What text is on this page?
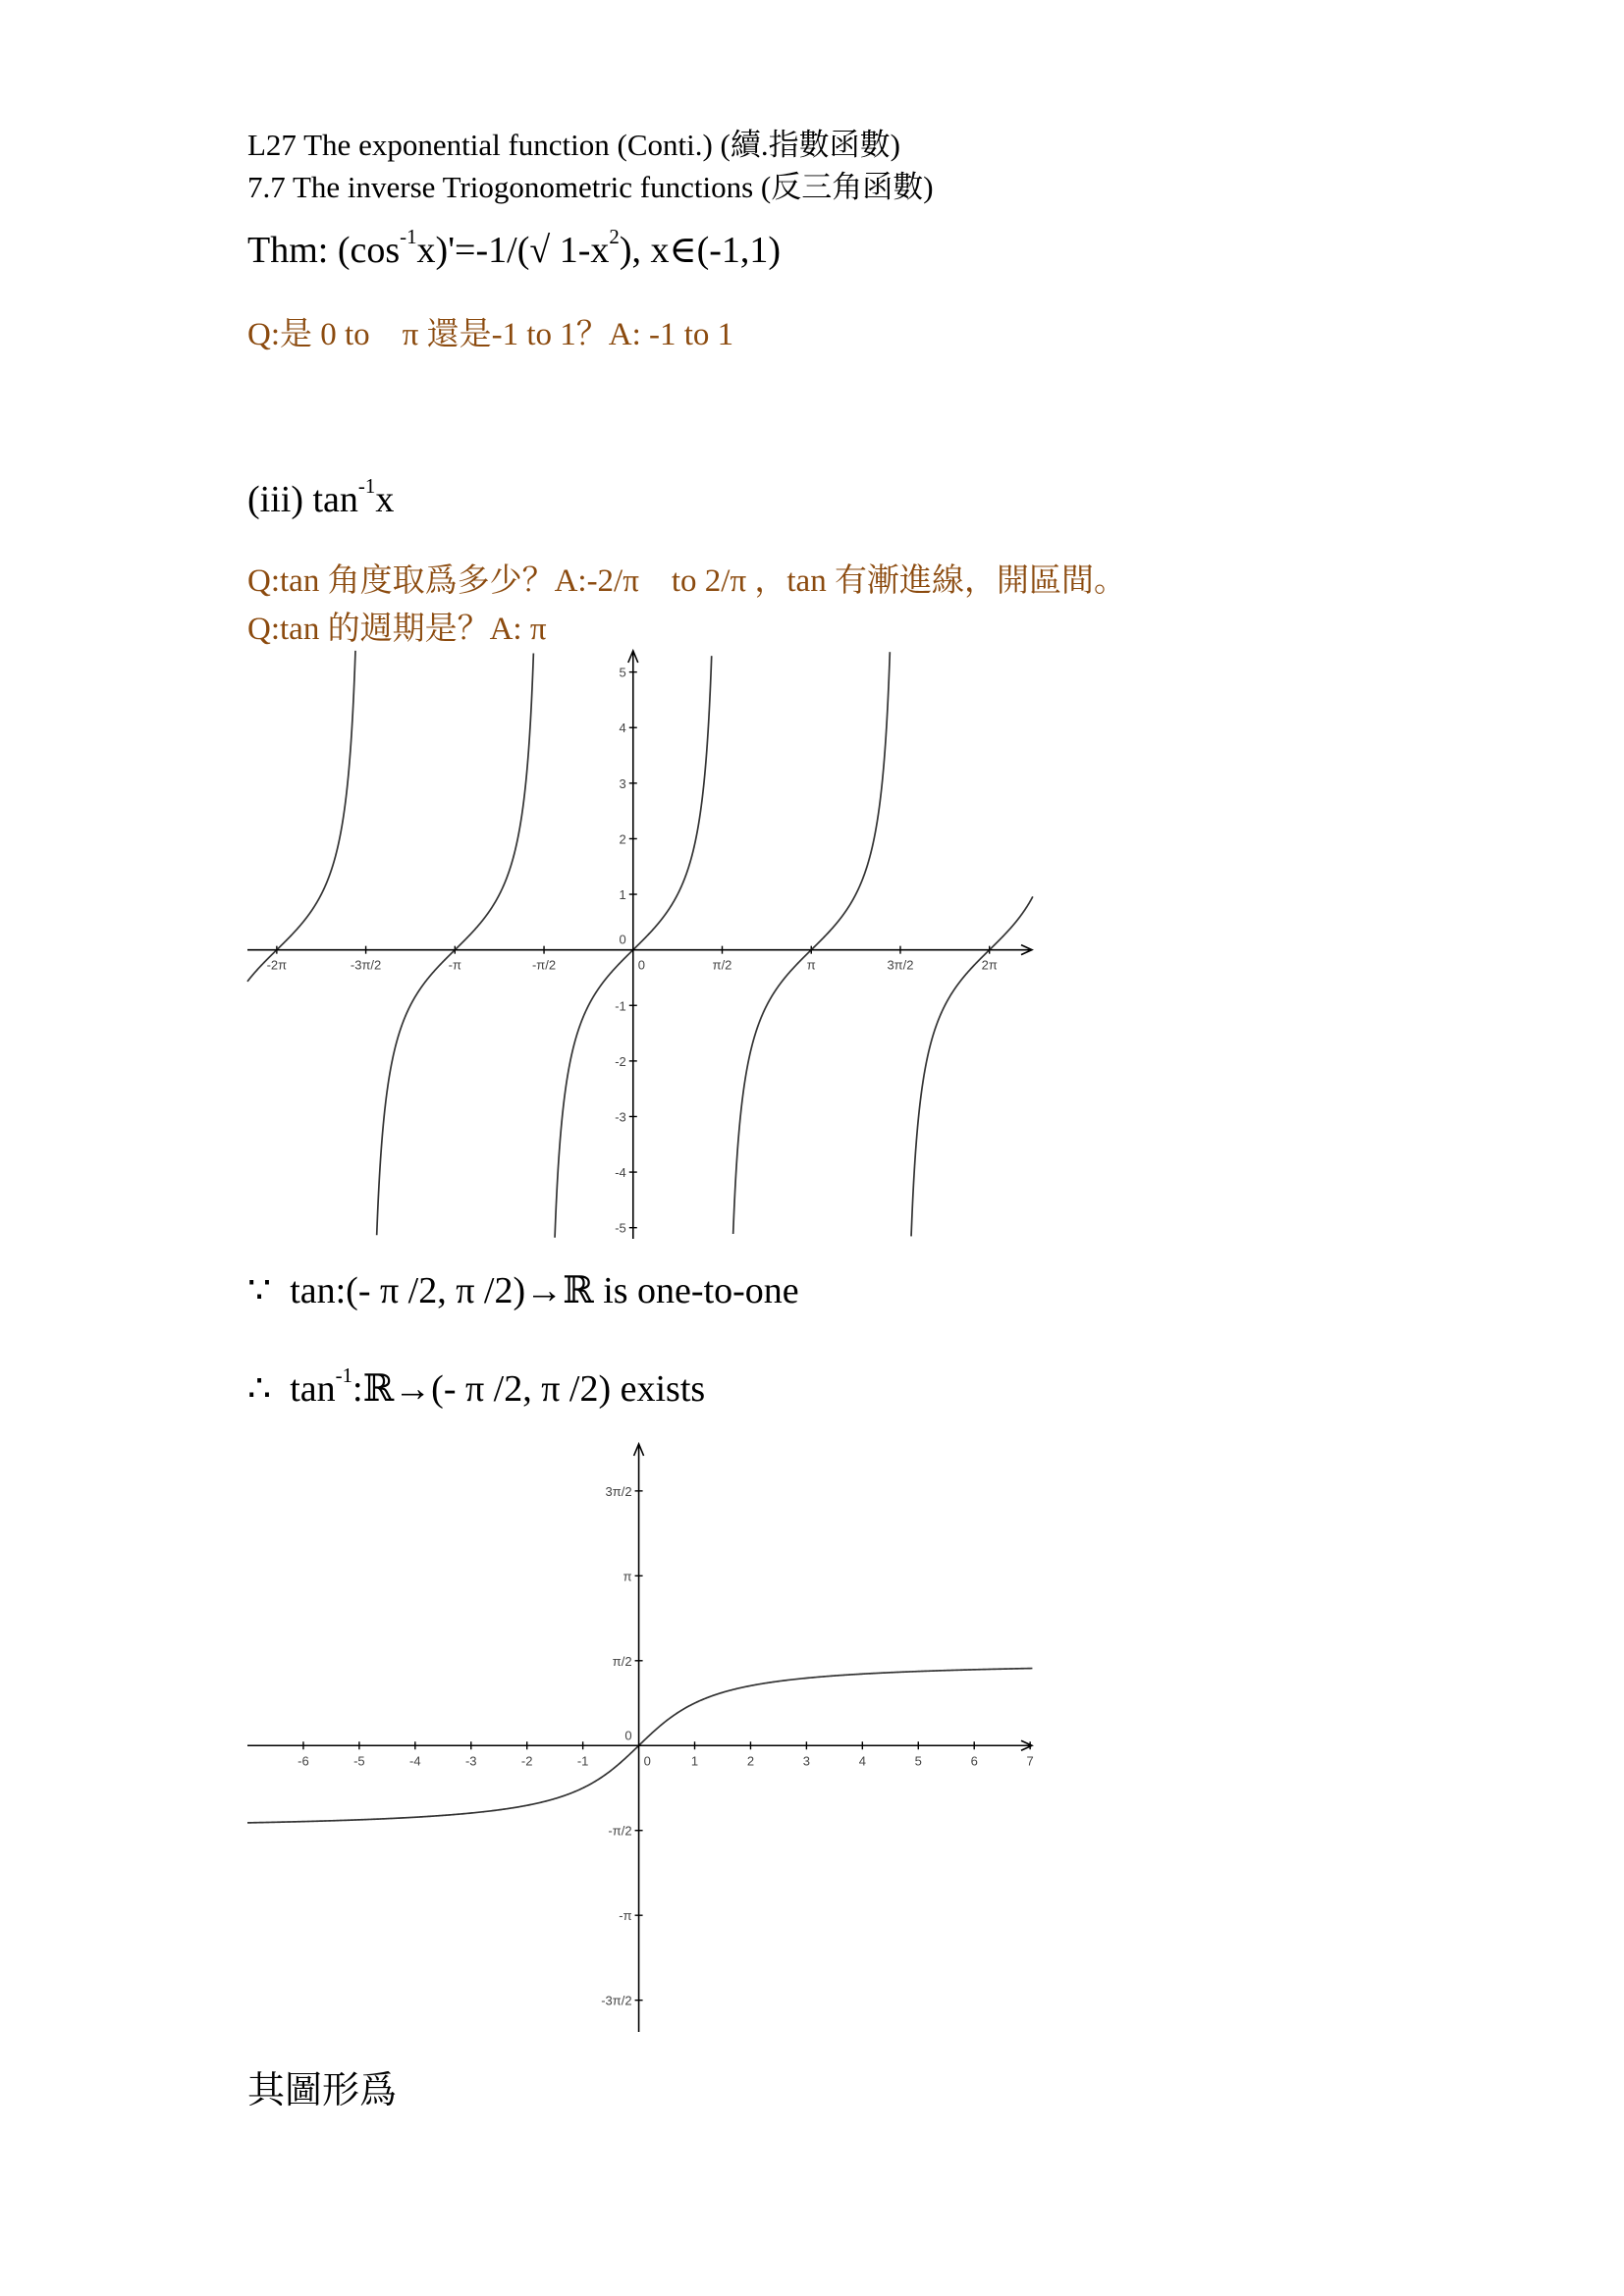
L27 The exponential function (Conti.) (續.指數函數)
7.7 The inverse Triogonometric functions (反三角函數)
Thm: $(\cos^{-1}x)'=-1/(√$ $1-x^2$), x∈(-1,1)
Q:是 0 to　π 還是-1 to 1？A: -1 to 1
(iii) $\tan^{-1}x$
Q:tan 角度取爲多少？A:-2/π　to 2/π ，tan 有漸進線，開區間。
Q:tan 的週期是？A: π
-2π	-3π/2	-π	-π/2	0	π/2	π	3π/2	2π
5
4
3
2
1
0
-1
-2
-3
-4
-5
∵ tan:(- π /2, π /2)→ℝ is one-to-one
∴ $\tan^{-1}:ℝ\to(-$ π /2, π /2) exists
-6	-5	-4	-3	-2	-1	0	1	2	3	4	5	6	7
3π/2
π
π/2
0
-π/2
-π
-3π/2
其圖形爲
